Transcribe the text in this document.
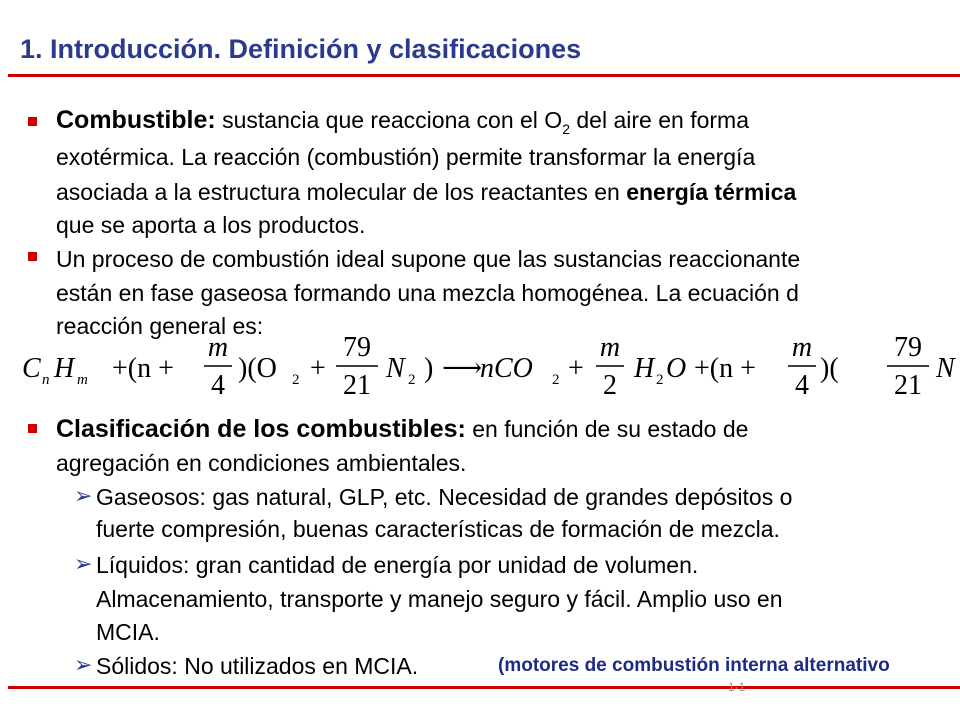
1. Introducción. Definición y clasificaciones
Combustible: sustancia que reacciona con el $O_2$ del aire en forma
exotérmica. La reacción (combustión) permite transformar la energía
asociada a la estructura molecular de los reactantes en energía térmica
que se aporta a los productos.
Un proceso de combustión ideal supone que las sustancias reaccionante
están en fase gaseosa formando una mezcla homogénea. La ecuación d
reacción general es:
C n H m +(n +
m
4
)(O 2 +
79
21
N 2 ) ⟶
nCO 2 +
m
2
H 2 O +(n +
m
4
)(
79
21
N
Clasificación de los combustibles: en función de su estado de
agregación en condiciones ambientales.
➢ Gaseosos: gas natural, GLP, etc. Necesidad de grandes depósitos o
fuerte compresión, buenas características de formación de mezcla.
➢ Líquidos: gran cantidad de energía por unidad de volumen.
Almacenamiento, transporte y manejo seguro y fácil. Amplio uso en
MCIA.
➢ Sólidos: No utilizados en MCIA.	(motores de combustión interna alternativo
1-1
